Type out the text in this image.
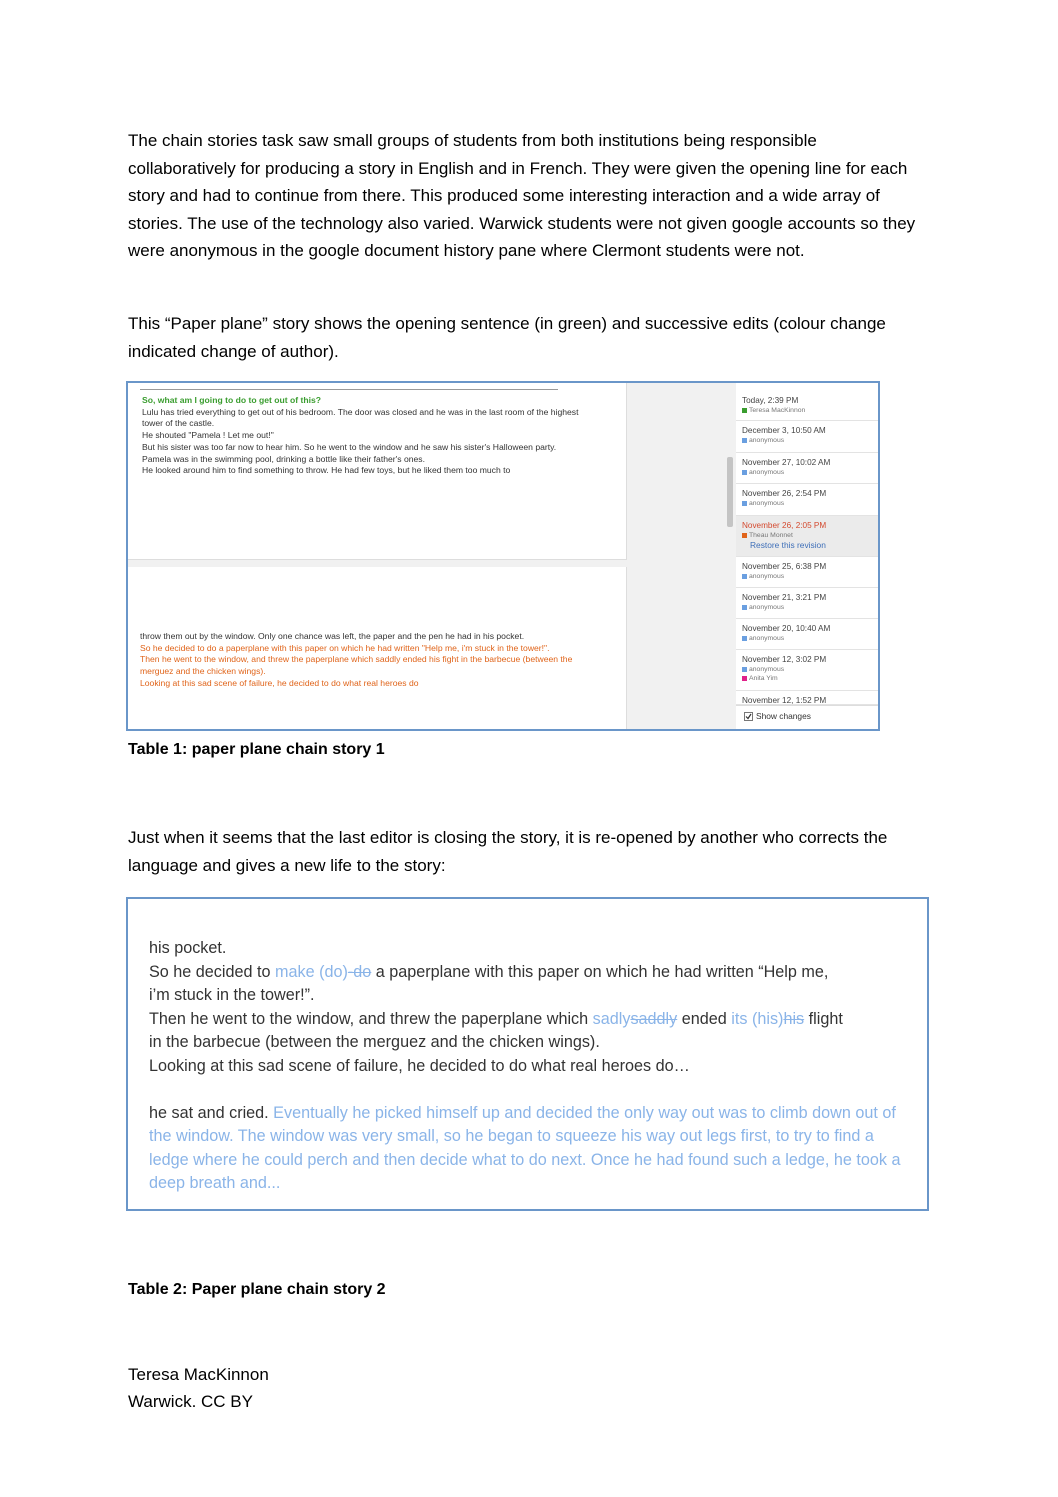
The chain stories task saw small groups of students from both institutions being responsible collaboratively for producing a story in English and in French. They were given the opening line for each story and had to continue from there. This produced some interesting interaction and a wide array of stories. The use of the technology also varied. Warwick students were not given google accounts so they were anonymous in the google document history pane where Clermont students were not.

This “Paper plane” story shows the opening sentence (in green) and successive edits (colour change indicated change of author).

So, what am I going to do to get out of this?
Lulu has tried everything to get out of his bedroom. The door was closed and he was in the last room of the highest tower of the castle.
He shouted "Pamela ! Let me out!"
But his sister was too far now to hear him. So he went to the window and he saw his sister's Halloween party. Pamela was in the swimming pool, drinking a bottle like their father's ones.
He looked around him to find something to throw. He had few toys, but he liked them too much to
throw them out by the window. Only one chance was left, the paper and the pen he had in his pocket.
So he decided to do a paperplane with this paper on which he had written "Help me, i'm stuck in the tower!".
Then he went to the window, and threw the paperplane which saddly ended his fight in the barbecue (between the merguez and the chicken wings).
Looking at this sad scene of failure, he decided to do what real heroes do
November 12, 1:52 PM
November 12, 3:02 PM
anonymous
Anita Yim
November 20, 10:40 AM
anonymous
November 21, 3:21 PM
anonymous
November 25, 6:38 PM
anonymous
November 26, 2:05 PM
Theau Monnet
Restore this revision
November 26, 2:54 PM
anonymous
November 27, 10:02 AM
anonymous
December 3, 10:50 AM
anonymous
Today, 2:39 PM
Teresa MacKinnon
Show changes
Table 1: paper plane chain story 1

Just when it seems that the last editor is closing the story, it is re-opened by another who corrects the language and gives a new life to the story:

his pocket.
So he decided to make (do)-do a paperplane with this paper on which he had written “Help me,
i’m stuck in the tower!”.
Then he went to the window, and threw the paperplane which sadlysaddly ended its (his)his flight
in the barbecue (between the merguez and the chicken wings).
Looking at this sad scene of failure, he decided to do what real heroes do…
he sat and cried. Eventually he picked himself up and decided the only way out was to climb down out of the window. The window was very small, so he began to squeeze his way out legs first, to try to find a ledge where he could perch and then decide what to do next. Once he had found such a ledge, he took a deep breath and...
Table 2: Paper plane chain story 2
Teresa MacKinnon
Warwick. CC BY
